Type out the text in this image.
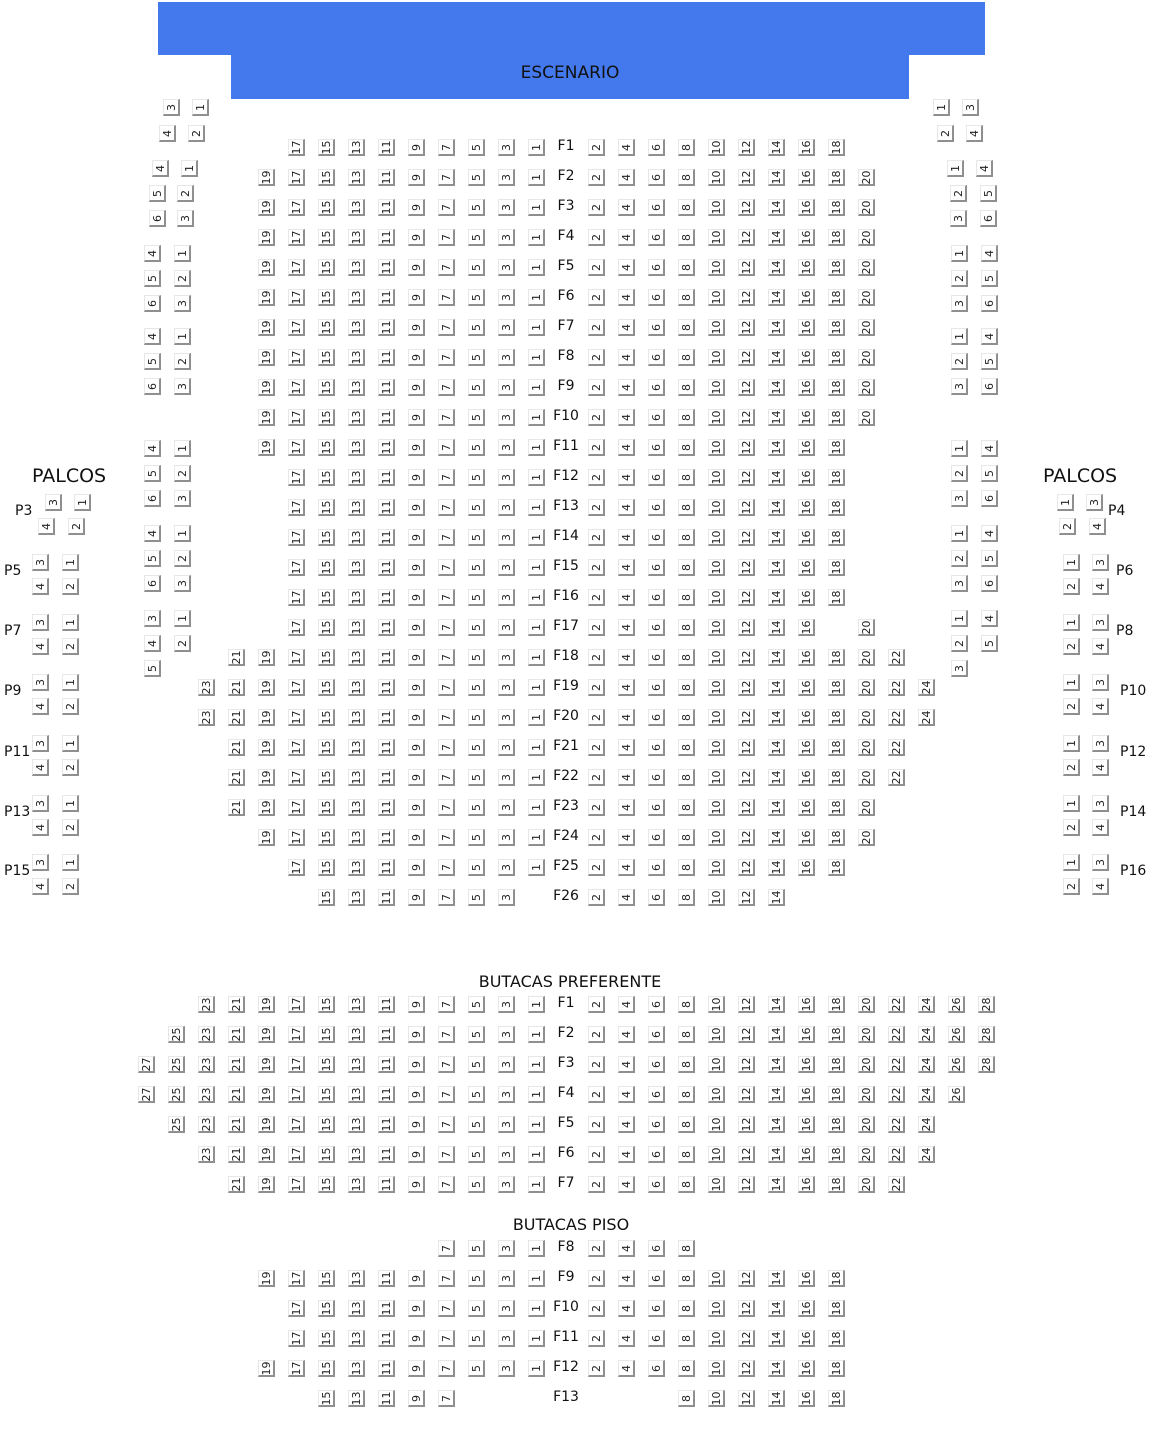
ESCENARIO
PALCOS	PALCOS
BUTACAS PREFERENTE
BUTACAS PISO
F1
17 15 13 11 9 7 5 3 1	2 4 6 8 10 12 14 16 18
F2
19 17 15 13 11 9 7 5 3 1	2 4 6 8 10 12 14 16 18 20
F3
19 17 15 13 11 9 7 5 3 1	2 4 6 8 10 12 14 16 18 20
F4
19 17 15 13 11 9 7 5 3 1	2 4 6 8 10 12 14 16 18 20
F5
19 17 15 13 11 9 7 5 3 1	2 4 6 8 10 12 14 16 18 20
F6
19 17 15 13 11 9 7 5 3 1	2 4 6 8 10 12 14 16 18 20
F7
19 17 15 13 11 9 7 5 3 1	2 4 6 8 10 12 14 16 18 20
F8
19 17 15 13 11 9 7 5 3 1	2 4 6 8 10 12 14 16 18 20
F9
19 17 15 13 11 9 7 5 3 1	2 4 6 8 10 12 14 16 18 20
F10
19 17 15 13 11 9 7 5 3 1	2 4 6 8 10 12 14 16 18 20
F11
19 17 15 13 11 9 7 5 3 1	2 4 6 8 10 12 14 16 18
F12
17 15 13 11 9 7 5 3 1	2 4 6 8 10 12 14 16 18
F13
17 15 13 11 9 7 5 3 1	2 4 6 8 10 12 14 16 18
F14
17 15 13 11 9 7 5 3 1	2 4 6 8 10 12 14 16 18
F15
17 15 13 11 9 7 5 3 1	2 4 6 8 10 12 14 16 18
F16
17 15 13 11 9 7 5 3 1	2 4 6 8 10 12 14 16 18
F17
17 15 13 11 9 7 5 3 1	2 4 6 8 10 12 14 16	20
F18
21 19 17 15 13 11 9 7 5 3 1	2 4 6 8 10 12 14 16 18 20 22
F19
23 21 19 17 15 13 11 9 7 5 3 1	2 4 6 8 10 12 14 16 18 20 22 24
F20
23 21 19 17 15 13 11 9 7 5 3 1	2 4 6 8 10 12 14 16 18 20 22 24
F21
21 19 17 15 13 11 9 7 5 3 1	2 4 6 8 10 12 14 16 18 20 22
F22
21 19 17 15 13 11 9 7 5 3 1	2 4 6 8 10 12 14 16 18 20 22
F23
21 19 17 15 13 11 9 7 5 3 1	2 4 6 8 10 12 14 16 18 20
F24
19 17 15 13 11 9 7 5 3 1	2 4 6 8 10 12 14 16 18 20
F25
17 15 13 11 9 7 5 3 1	2 4 6 8 10 12 14 16 18
F26
15 13 11 9 7 5 3	2 4 6 8 10 12 14
F1
23 21 19 17 15 13 11 9 7 5 3 1	2 4 6 8 10 12 14 16 18 20 22 24 26 28
F2
25 23 21 19 17 15 13 11 9 7 5 3 1	2 4 6 8 10 12 14 16 18 20 22 24 26 28
F3
27 25 23 21 19 17 15 13 11 9 7 5 3 1	2 4 6 8 10 12 14 16 18 20 22 24 26 28
F4
27 25 23 21 19 17 15 13 11 9 7 5 3 1	2 4 6 8 10 12 14 16 18 20 22 24 26
F5
25 23 21 19 17 15 13 11 9 7 5 3 1	2 4 6 8 10 12 14 16 18 20 22 24
F6
23 21 19 17 15 13 11 9 7 5 3 1	2 4 6 8 10 12 14 16 18 20 22 24
F7
21 19 17 15 13 11 9 7 5 3 1	2 4 6 8 10 12 14 16 18 20 22
F8
7 5 3 1	2 4 6 8
F9
19 17 15 13 11 9 7 5 3 1	2 4 6 8 10 12 14 16 18
F10
17 15 13 11 9 7 5 3 1	2 4 6 8 10 12 14 16 18
F11
17 15 13 11 9 7 5 3 1	2 4 6 8 10 12 14 16 18
F12
19 17 15 13 11 9 7 5 3 1	2 4 6 8 10 12 14 16 18
F13
15 13 11 9 7	8 10 12 14 16 18
3 1
4 2
4 1
5 2
6 3
4 1
5 2
6 3
4 1
5 2
6 3
4 1
5 2
6 3
4 1
5 2
6 3
3 1
4 2
5
1 3
2 4
1 4
2 5
3 6
1 4
2 5
3 6
1 4
2 5
3 6
1 4
2 5
3 6
1 4
2 5
3 6
1 4
2 5
3
P3
3 1
4 2
P5
3 1
4 2
P7
3 1
4 2
P9
3 1
4 2
P11
3 1
4 2
P13
3 1
4 2
P15
3 1
4 2
P4
1 3
2 4
P6
1 3
2 4
P8
1 3
2 4
P10
1 3
2 4
P12
1 3
2 4
P14
1 3
2 4
P16
1 3
2 4
